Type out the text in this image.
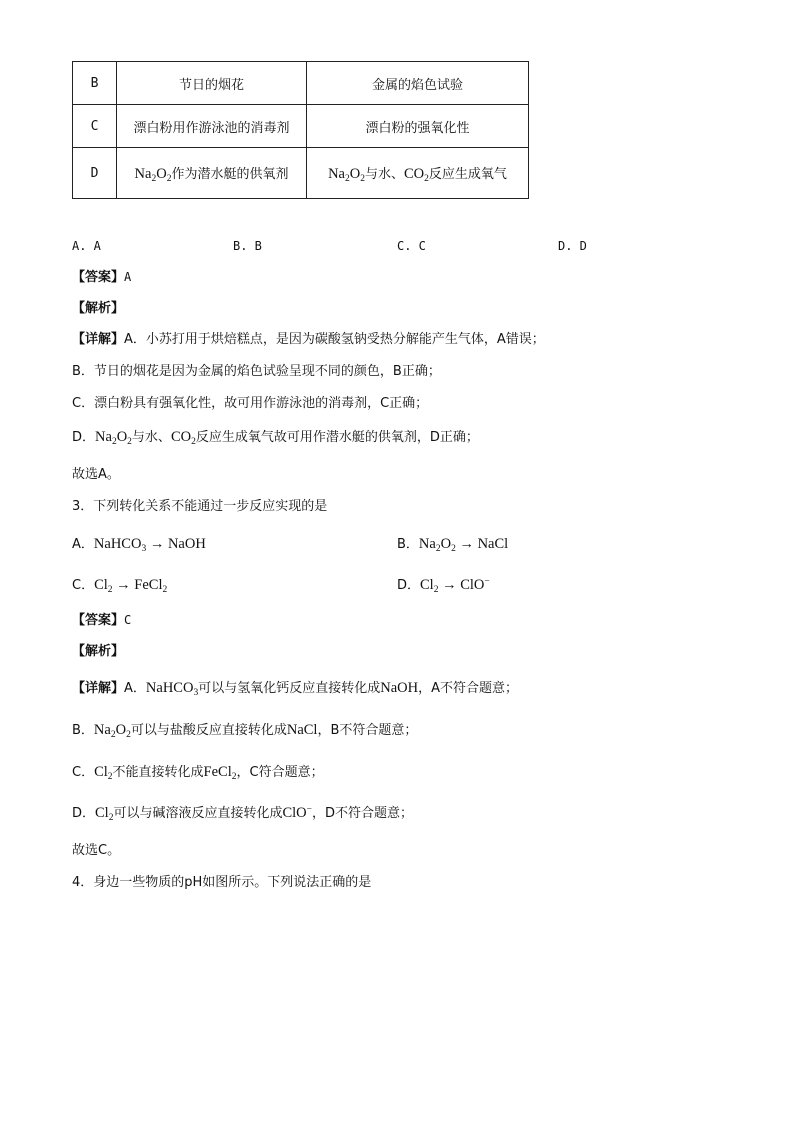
B	节日的烟花	金属的焰色试验
C	漂白粉用作游泳池的消毒剂	漂白粉的强氧化性
D	$Na_2O_2$作为潜水艇的供氧剂	$Na_2O_2$与水、$CO_2$反应生成氧气
A. A	B. B	C. C	D. D
【答案】A
【解析】
【详解】A．小苏打用于烘焙糕点，是因为碳酸氢钠受热分解能产生气体，A错误；
B．节日的烟花是因为金属的焰色试验呈现不同的颜色，B正确；
C．漂白粉具有强氧化性，故可用作游泳池的消毒剂，C正确；
D．$Na_2O_2$与水、$CO_2$反应生成氧气故可用作潜水艇的供氧剂，D正确；
故选A。
3．下列转化关系不能通过一步反应实现的是
A．NaHCO$_3$ → NaOH	B．$Na_2O_2$ → NaCl
C．$Cl_2$ → FeCl$_2$	D．$Cl_2 \to ClO^-$
【答案】C
【解析】
【详解】A．NaHCO$_3$可以与氢氧化钙反应直接转化成NaOH，A不符合题意；
B．$Na_2O_2$可以与盐酸反应直接转化成NaCl，B不符合题意；
C．$Cl_2$不能直接转化成FeCl$_2$，C符合题意；
D．$Cl_2$可以与碱溶液反应直接转化成ClO−，D不符合题意；
故选C。
4．身边一些物质的pH如图所示。下列说法正确的是
